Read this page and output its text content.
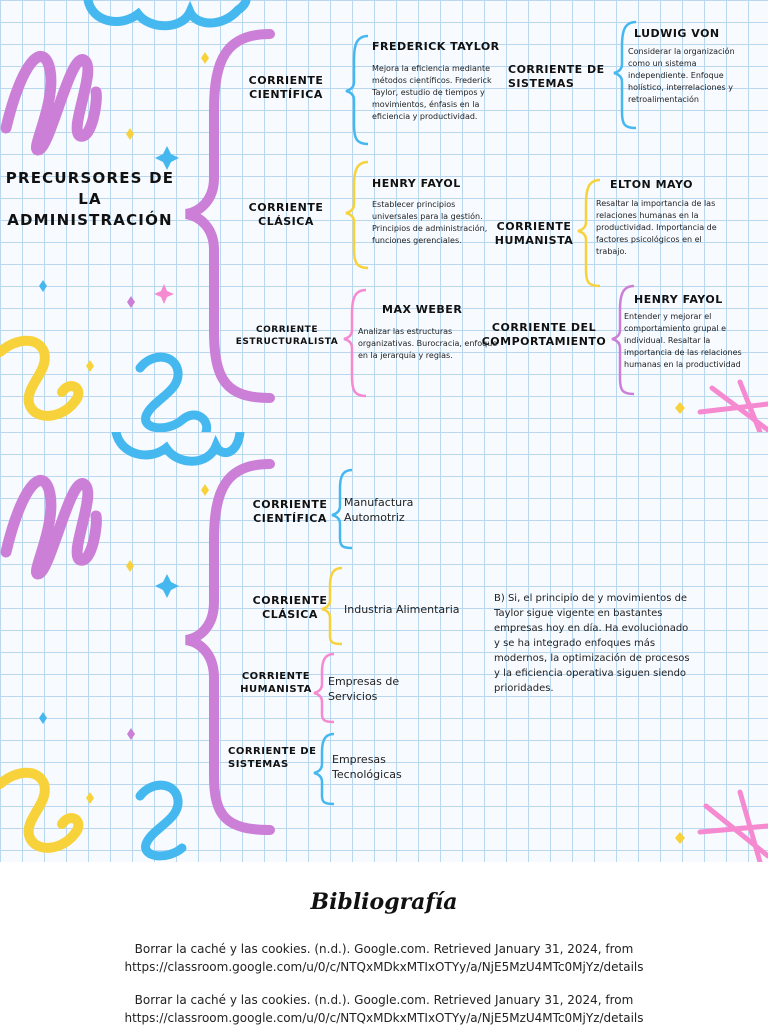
PRECURSORES DE LA ADMINISTRACIÓN
CORRIENTE CIENTÍFICA
CORRIENTE CLÁSICA
CORRIENTE ESTRUCTURALISTA
FREDERICK TAYLOR
Mejora la eficiencia mediante métodos científicos. Frederick Taylor, estudio de tiempos y movimientos, énfasis en la eficiencia y productividad.
HENRY FAYOL
Establecer principios universales para la gestión. Principios de administración, funciones gerenciales.
MAX WEBER
Analizar las estructuras organizativas. Burocracia, enfoque en la jerarquía y reglas.
CORRIENTE DE SISTEMAS
CORRIENTE HUMANISTA
CORRIENTE DEL COMPORTAMIENTO
LUDWIG VON
Considerar la organización como un sistema independiente. Enfoque holístico, interrelaciones y retroalimentación
ELTON MAYO
Resaltar la importancia de las relaciones humanas en la productividad. Importancia de factores psicológicos en el trabajo.
HENRY FAYOL
Entender y mejorar el comportamiento grupal e individual. Resaltar la importancia de las relaciones humanas en la productividad
CORRIENTE CIENTÍFICA
CORRIENTE CLÁSICA
CORRIENTE HUMANISTA
CORRIENTE DE SISTEMAS
Manufactura Automotriz
Industria Alimentaria
Empresas de Servicios
Empresas Tecnológicas
B) Si, el principio de y movimientos de Taylor sigue vigente en bastantes empresas hoy en día. Ha evolucionado y se ha integrado enfoques más modernos, la optimización de procesos y la eficiencia operativa siguen siendo prioridades.
Bibliografía
Borrar la caché y las cookies. (n.d.). Google.com. Retrieved January 31, 2024, from
https://classroom.google.com/u/0/c/NTQxMDkxMTIxOTYy/a/NjE5MzU4MTc0MjYz/details
Borrar la caché y las cookies. (n.d.). Google.com. Retrieved January 31, 2024, from
https://classroom.google.com/u/0/c/NTQxMDkxMTIxOTYy/a/NjE5MzU4MTc0MjYz/details
